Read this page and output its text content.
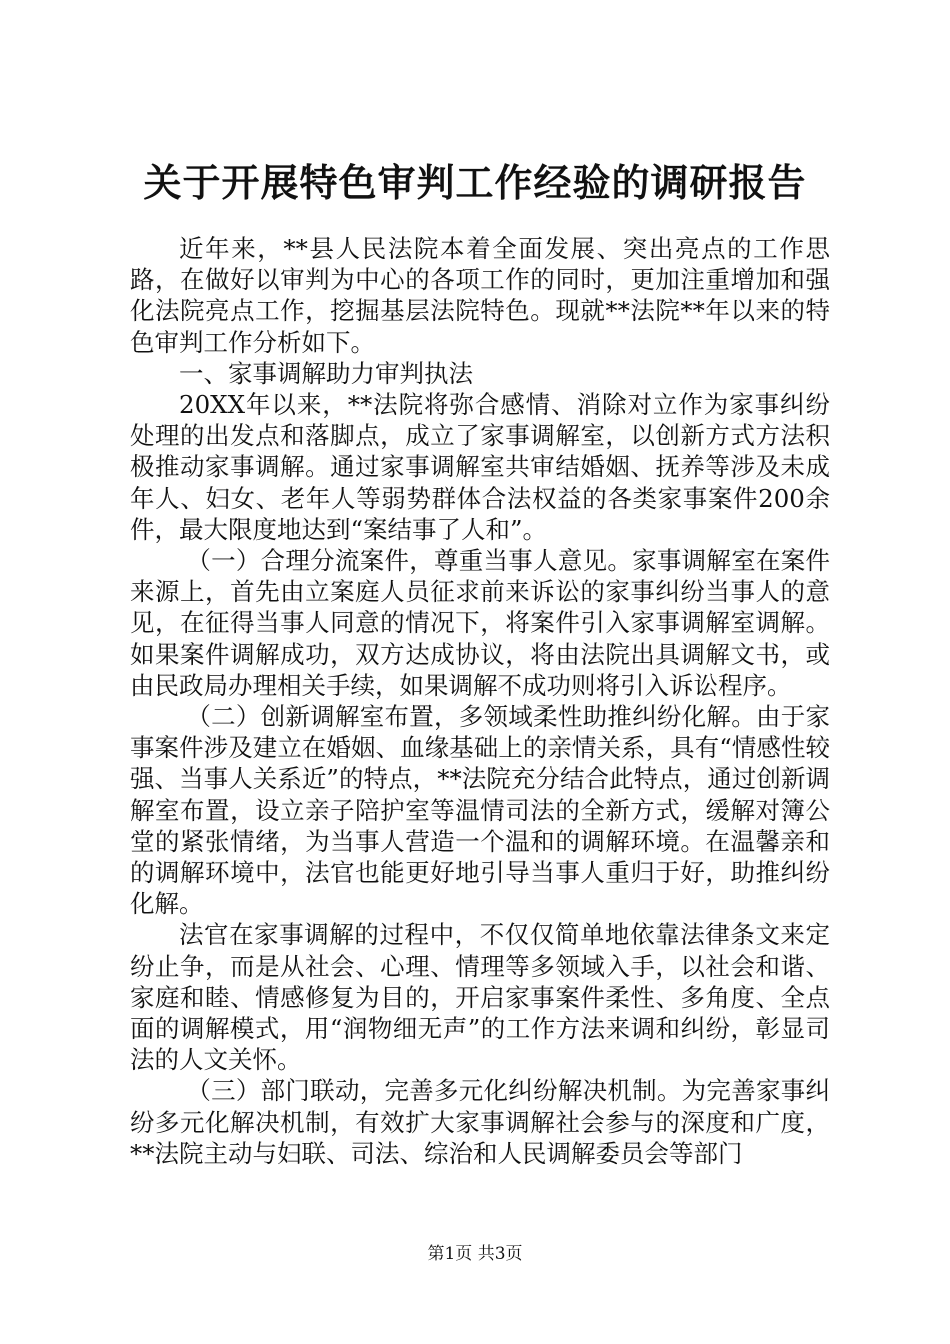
关于开展特色审判工作经验的调研报告

近年来，**县人民法院本着全面发展、突出亮点的工作思路，在做好以审判为中心的各项工作的同时，更加注重增加和强化法院亮点工作，挖掘基层法院特色。现就**法院**年以来的特色审判工作分析如下。

一、家事调解助力审判执法

20XX年以来，**法院将弥合感情、消除对立作为家事纠纷处理的出发点和落脚点，成立了家事调解室，以创新方式方法积极推动家事调解。通过家事调解室共审结婚姻、抚养等涉及未成年人、妇女、老年人等弱势群体合法权益的各类家事案件200余件，最大限度地达到“案结事了人和”。

（一）合理分流案件，尊重当事人意见。家事调解室在案件来源上，首先由立案庭人员征求前来诉讼的家事纠纷当事人的意见，在征得当事人同意的情况下，将案件引入家事调解室调解。如果案件调解成功，双方达成协议，将由法院出具调解文书，或由民政局办理相关手续，如果调解不成功则将引入诉讼程序。

（二）创新调解室布置，多领域柔性助推纠纷化解。由于家事案件涉及建立在婚姻、血缘基础上的亲情关系，具有“情感性较强、当事人关系近”的特点，**法院充分结合此特点，通过创新调解室布置，设立亲子陪护室等温情司法的全新方式，缓解对簿公堂的紧张情绪，为当事人营造一个温和的调解环境。在温馨亲和的调解环境中，法官也能更好地引导当事人重归于好，助推纠纷化解。

法官在家事调解的过程中，不仅仅简单地依靠法律条文来定纷止争，而是从社会、心理、情理等多领域入手，以社会和谐、家庭和睦、情感修复为目的，开启家事案件柔性、多角度、全点面的调解模式，用“润物细无声”的工作方法来调和纠纷，彰显司法的人文关怀。

（三）部门联动，完善多元化纠纷解决机制。为完善家事纠纷多元化解决机制，有效扩大家事调解社会参与的深度和广度，**法院主动与妇联、司法、综治和人民调解委员会等部门

第1页 共3页
